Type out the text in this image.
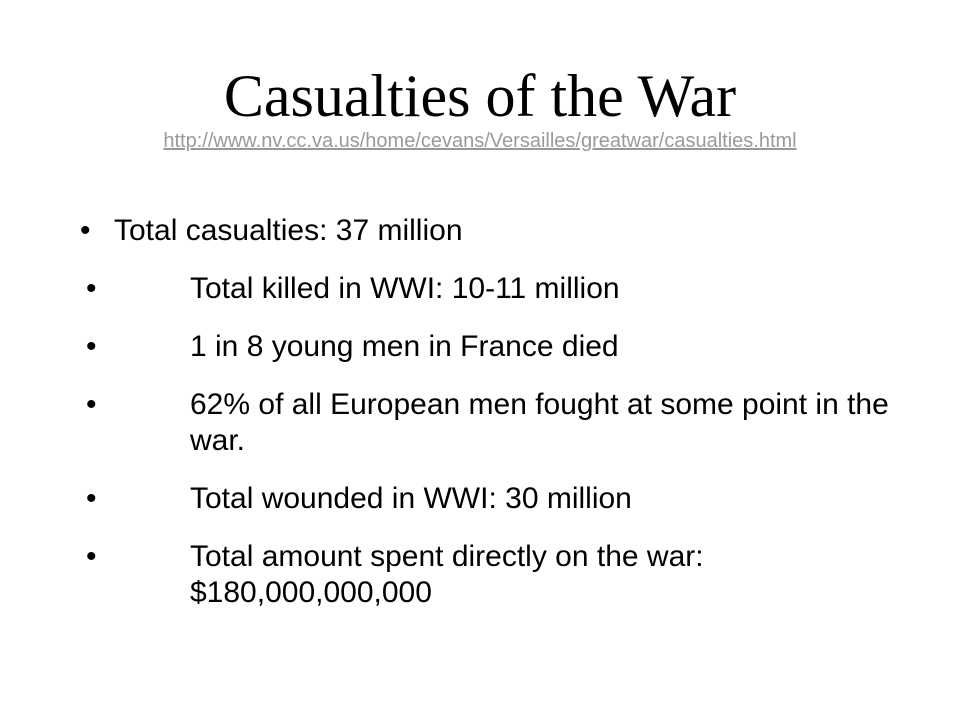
Casualties of the War
http://www.nv.cc.va.us/home/cevans/Versailles/greatwar/casualties.html
• Total casualties: 37 million
•	Total killed in WWI: 10-11 million
•	1 in 8 young men in France died
•	62% of all European men fought at some point in the war.
•	Total wounded in WWI: 30 million
•	Total amount spent directly on the war: $180,000,000,000
